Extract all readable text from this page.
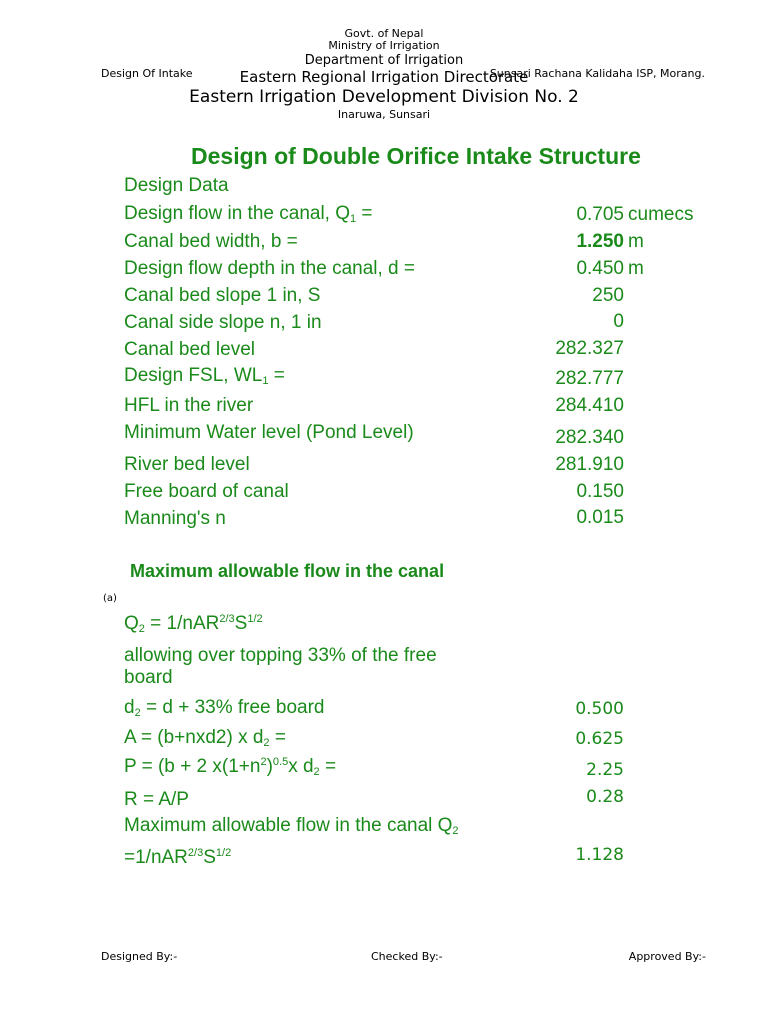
Govt. of Nepal
Ministry of Irrigation
Department of Irrigation
Design Of Intake	Eastern Regional Irrigation Directorate
Sunsari Rachana Kalidaha ISP, Morang.
Eastern Irrigation Development Division No. 2
Inaruwa, Sunsari
Design of Double Orifice Intake Structure
Design Data
Design flow in the canal, $Q_1$ =	0.705 cumecs
Canal bed width, b =	1.250 m
Design flow depth in the canal, d =	0.450 m
Canal bed slope 1 in, S	250
Canal side slope n, 1 in	0
Canal bed level	282.327
Design FSL, $WL_1$ =	282.777
HFL in the river	284.410
Minimum Water level (Pond Level)	282.340
River bed level	281.910
Free board of canal	0.150
Manning's n	0.015
Maximum allowable flow in the canal
(a)
$Q_2 = 1/nAR^{2/3}S^{1/2}$
allowing over topping 33% of the free board
$d_2 = d + 33\%$ free board	0.500
A = (b+nxd2) x $d_2$ =	0.625
P = (b + 2 $x(1+n^2)^{0.5}x$ $d_2$ =	2.25
R = A/P	0.28
Maximum allowable flow in the canal $Q_2$
$=1/nAR^{2/3}S^{1/2}$	1.128
Designed By:-	Checked By:-	Approved By:-
